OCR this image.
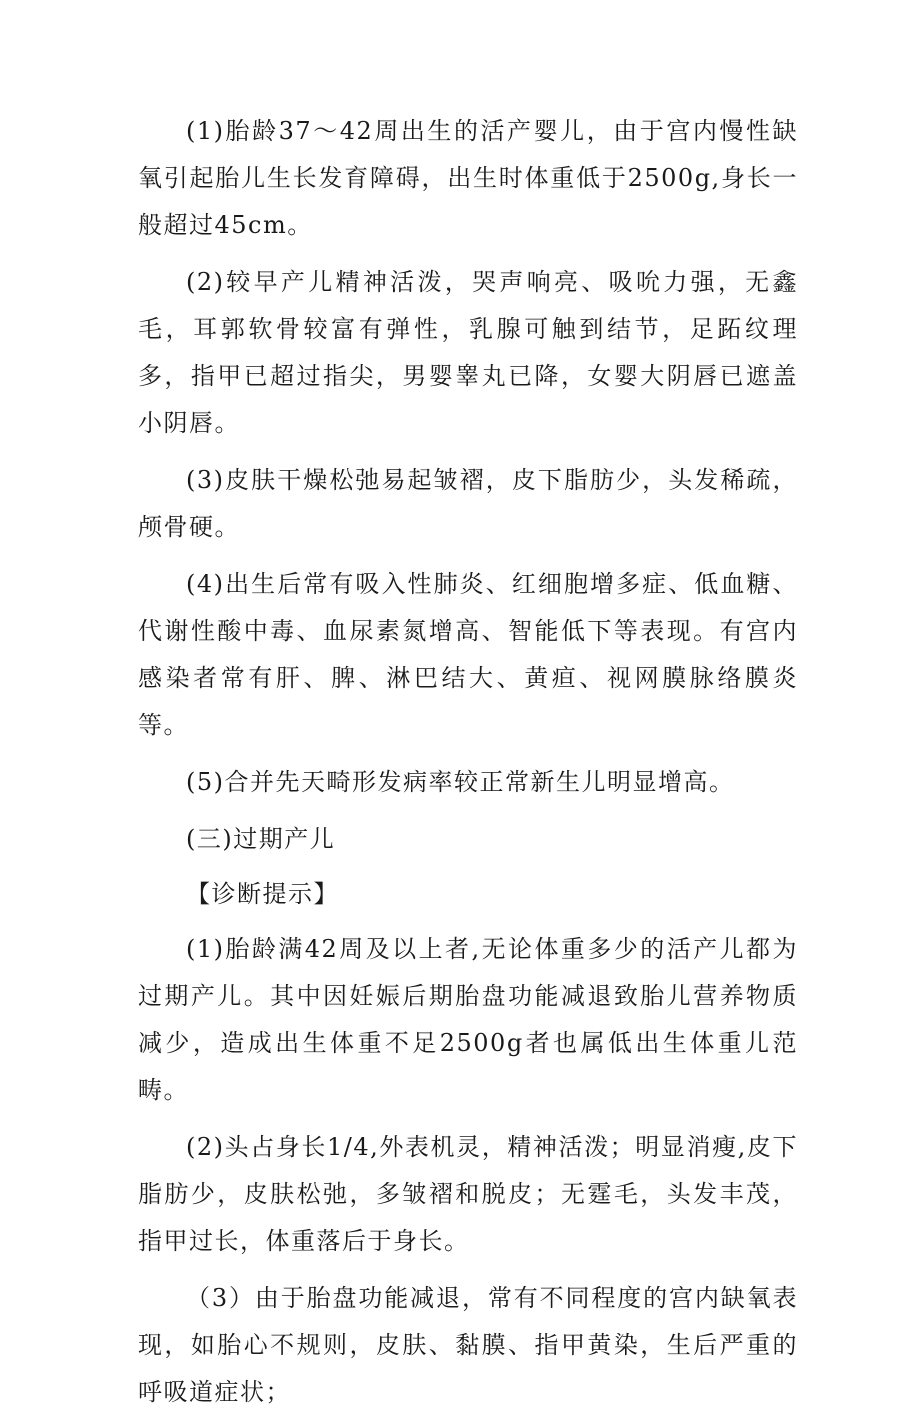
(1)胎龄37～42周出生的活产婴儿，由于宫内慢性缺氧引起胎儿生长发育障碍，出生时体重低于2500g,身长一般超过45cm。

(2)较早产儿精神活泼，哭声响亮、吸吮力强，无鑫毛，耳郭软骨较富有弹性，乳腺可触到结节，足跖纹理多，指甲已超过指尖，男婴睾丸已降，女婴大阴唇已遮盖小阴唇。

(3)皮肤干燥松弛易起皱褶，皮下脂肪少，头发稀疏，颅骨硬。

(4)出生后常有吸入性肺炎、红细胞增多症、低血糖、代谢性酸中毒、血尿素氮增高、智能低下等表现。有宫内感染者常有肝、脾、淋巴结大、黄疸、视网膜脉络膜炎等。

(5)合并先天畸形发病率较正常新生儿明显增高。

(三)过期产儿

【诊断提示】

(1)胎龄满42周及以上者,无论体重多少的活产儿都为过期产儿。其中因妊娠后期胎盘功能减退致胎儿营养物质减少，造成出生体重不足2500g者也属低出生体重儿范畴。

(2)头占身长1/4,外表机灵，精神活泼；明显消瘦,皮下脂肪少，皮肤松弛，多皱褶和脱皮；无霆毛，头发丰茂，指甲过长，体重落后于身长。

（3）由于胎盘功能减退，常有不同程度的宫内缺氧表现，如胎心不规则，皮肤、黏膜、指甲黄染，生后严重的呼吸道症状；
